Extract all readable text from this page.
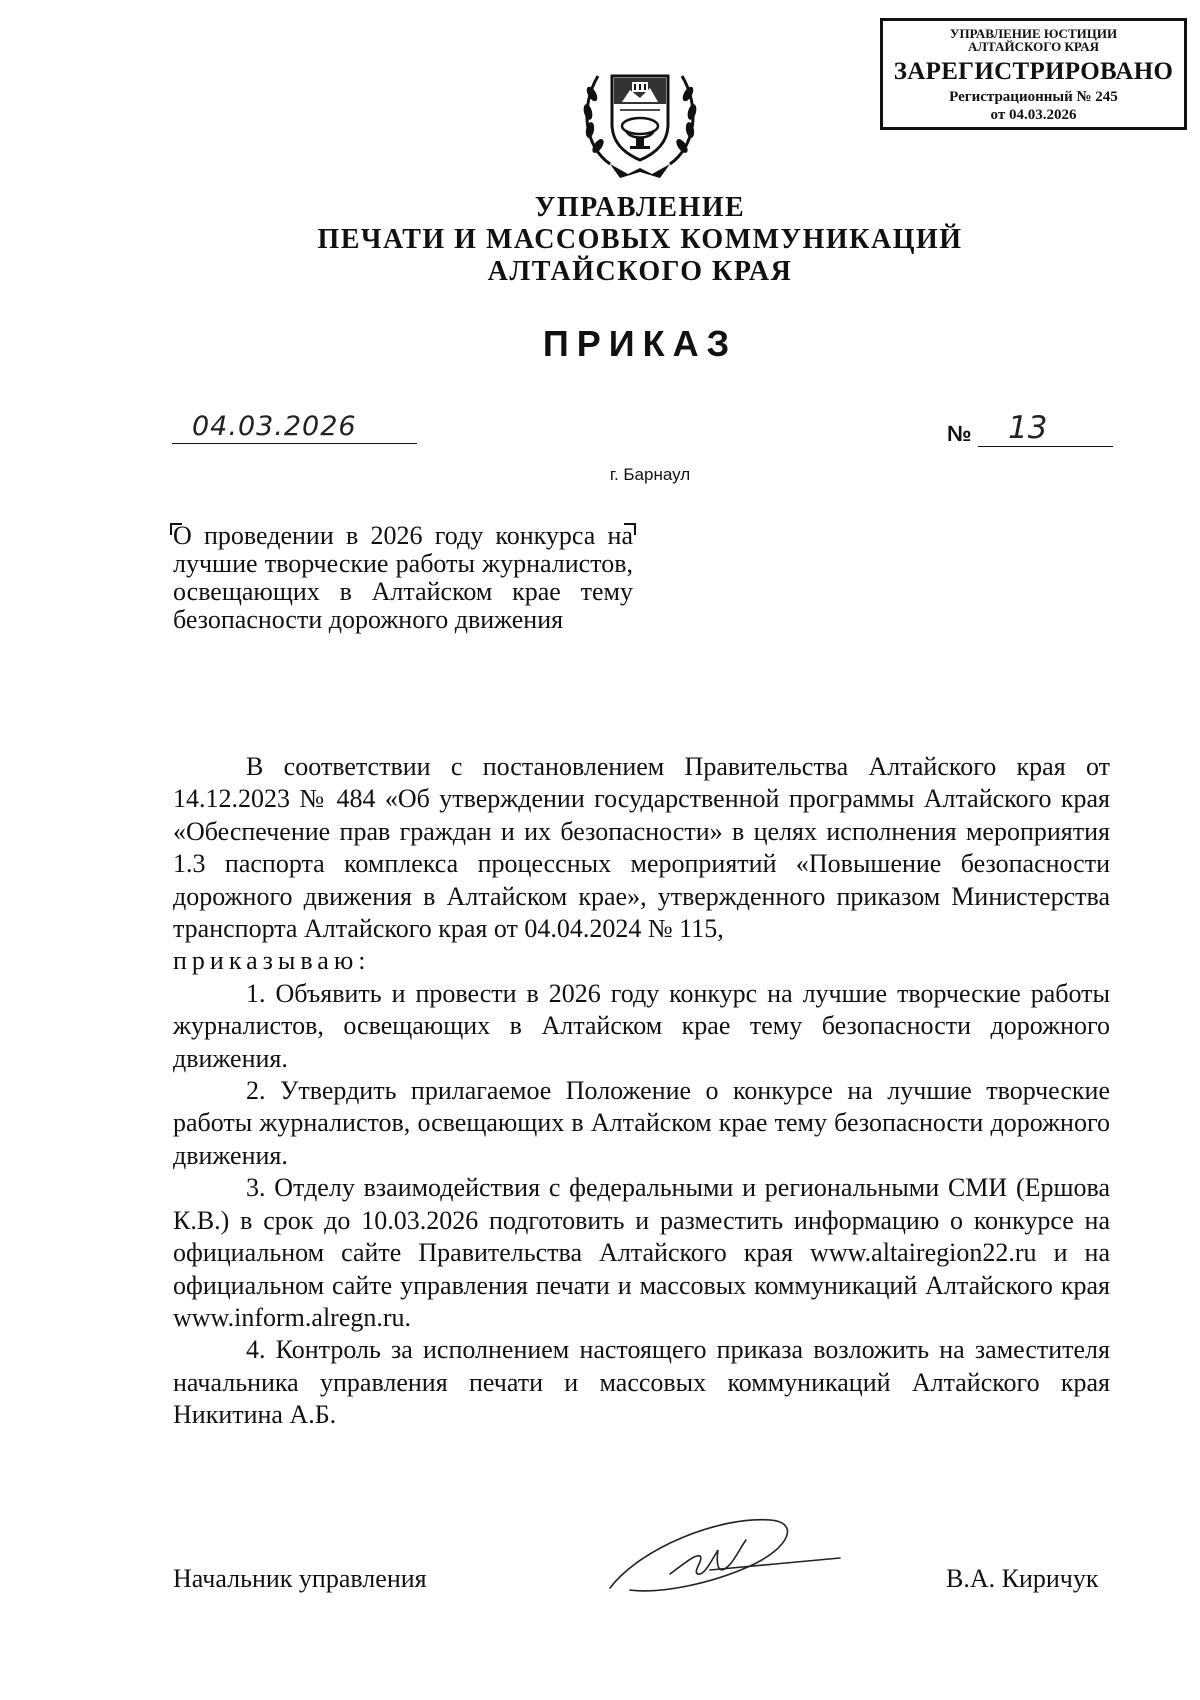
УПРАВЛЕНИЕ ЮСТИЦИИ
АЛТАЙСКОГО КРАЯ
ЗАРЕГИСТРИРОВАНО
Регистрационный № 245
от 04.03.2026
УПРАВЛЕНИЕ
ПЕЧАТИ И МАССОВЫХ КОММУНИКАЦИЙ
АЛТАЙСКОГО КРАЯ
ПРИКАЗ
04.03.2026	№ 13
г. Барнаул
О проведении в 2026 году конкурса на лучшие творческие работы журналистов, освещающих в Алтайском крае тему безопасности дорожного движения

В соответствии с постановлением Правительства Алтайского края от 14.12.2023 № 484 «Об утверждении государственной программы Алтайского края «Обеспечение прав граждан и их безопасности» в целях исполнения мероприятия 1.3 паспорта комплекса процессных мероприятий «Повышение безопасности дорожного движения в Алтайском крае», утвержденного приказом Министерства транспорта Алтайского края от 04.04.2024 № 115,

приказываю:

1. Объявить и провести в 2026 году конкурс на лучшие творческие работы журналистов, освещающих в Алтайском крае тему безопасности дорожного движения.

2. Утвердить прилагаемое Положение о конкурсе на лучшие творческие работы журналистов, освещающих в Алтайском крае тему безопасности дорожного движения.

3. Отделу взаимодействия с федеральными и региональными СМИ (Ершова К.В.) в срок до 10.03.2026 подготовить и разместить информацию о конкурсе на официальном сайте Правительства Алтайского края www.altairegion22.ru и на официальном сайте управления печати и массовых коммуникаций Алтайского края www.inform.alregn.ru.

4. Контроль за исполнением настоящего приказа возложить на заместителя начальника управления печати и массовых коммуникаций Алтайского края Никитина А.Б.

Начальник управления	В.А. Киричук
